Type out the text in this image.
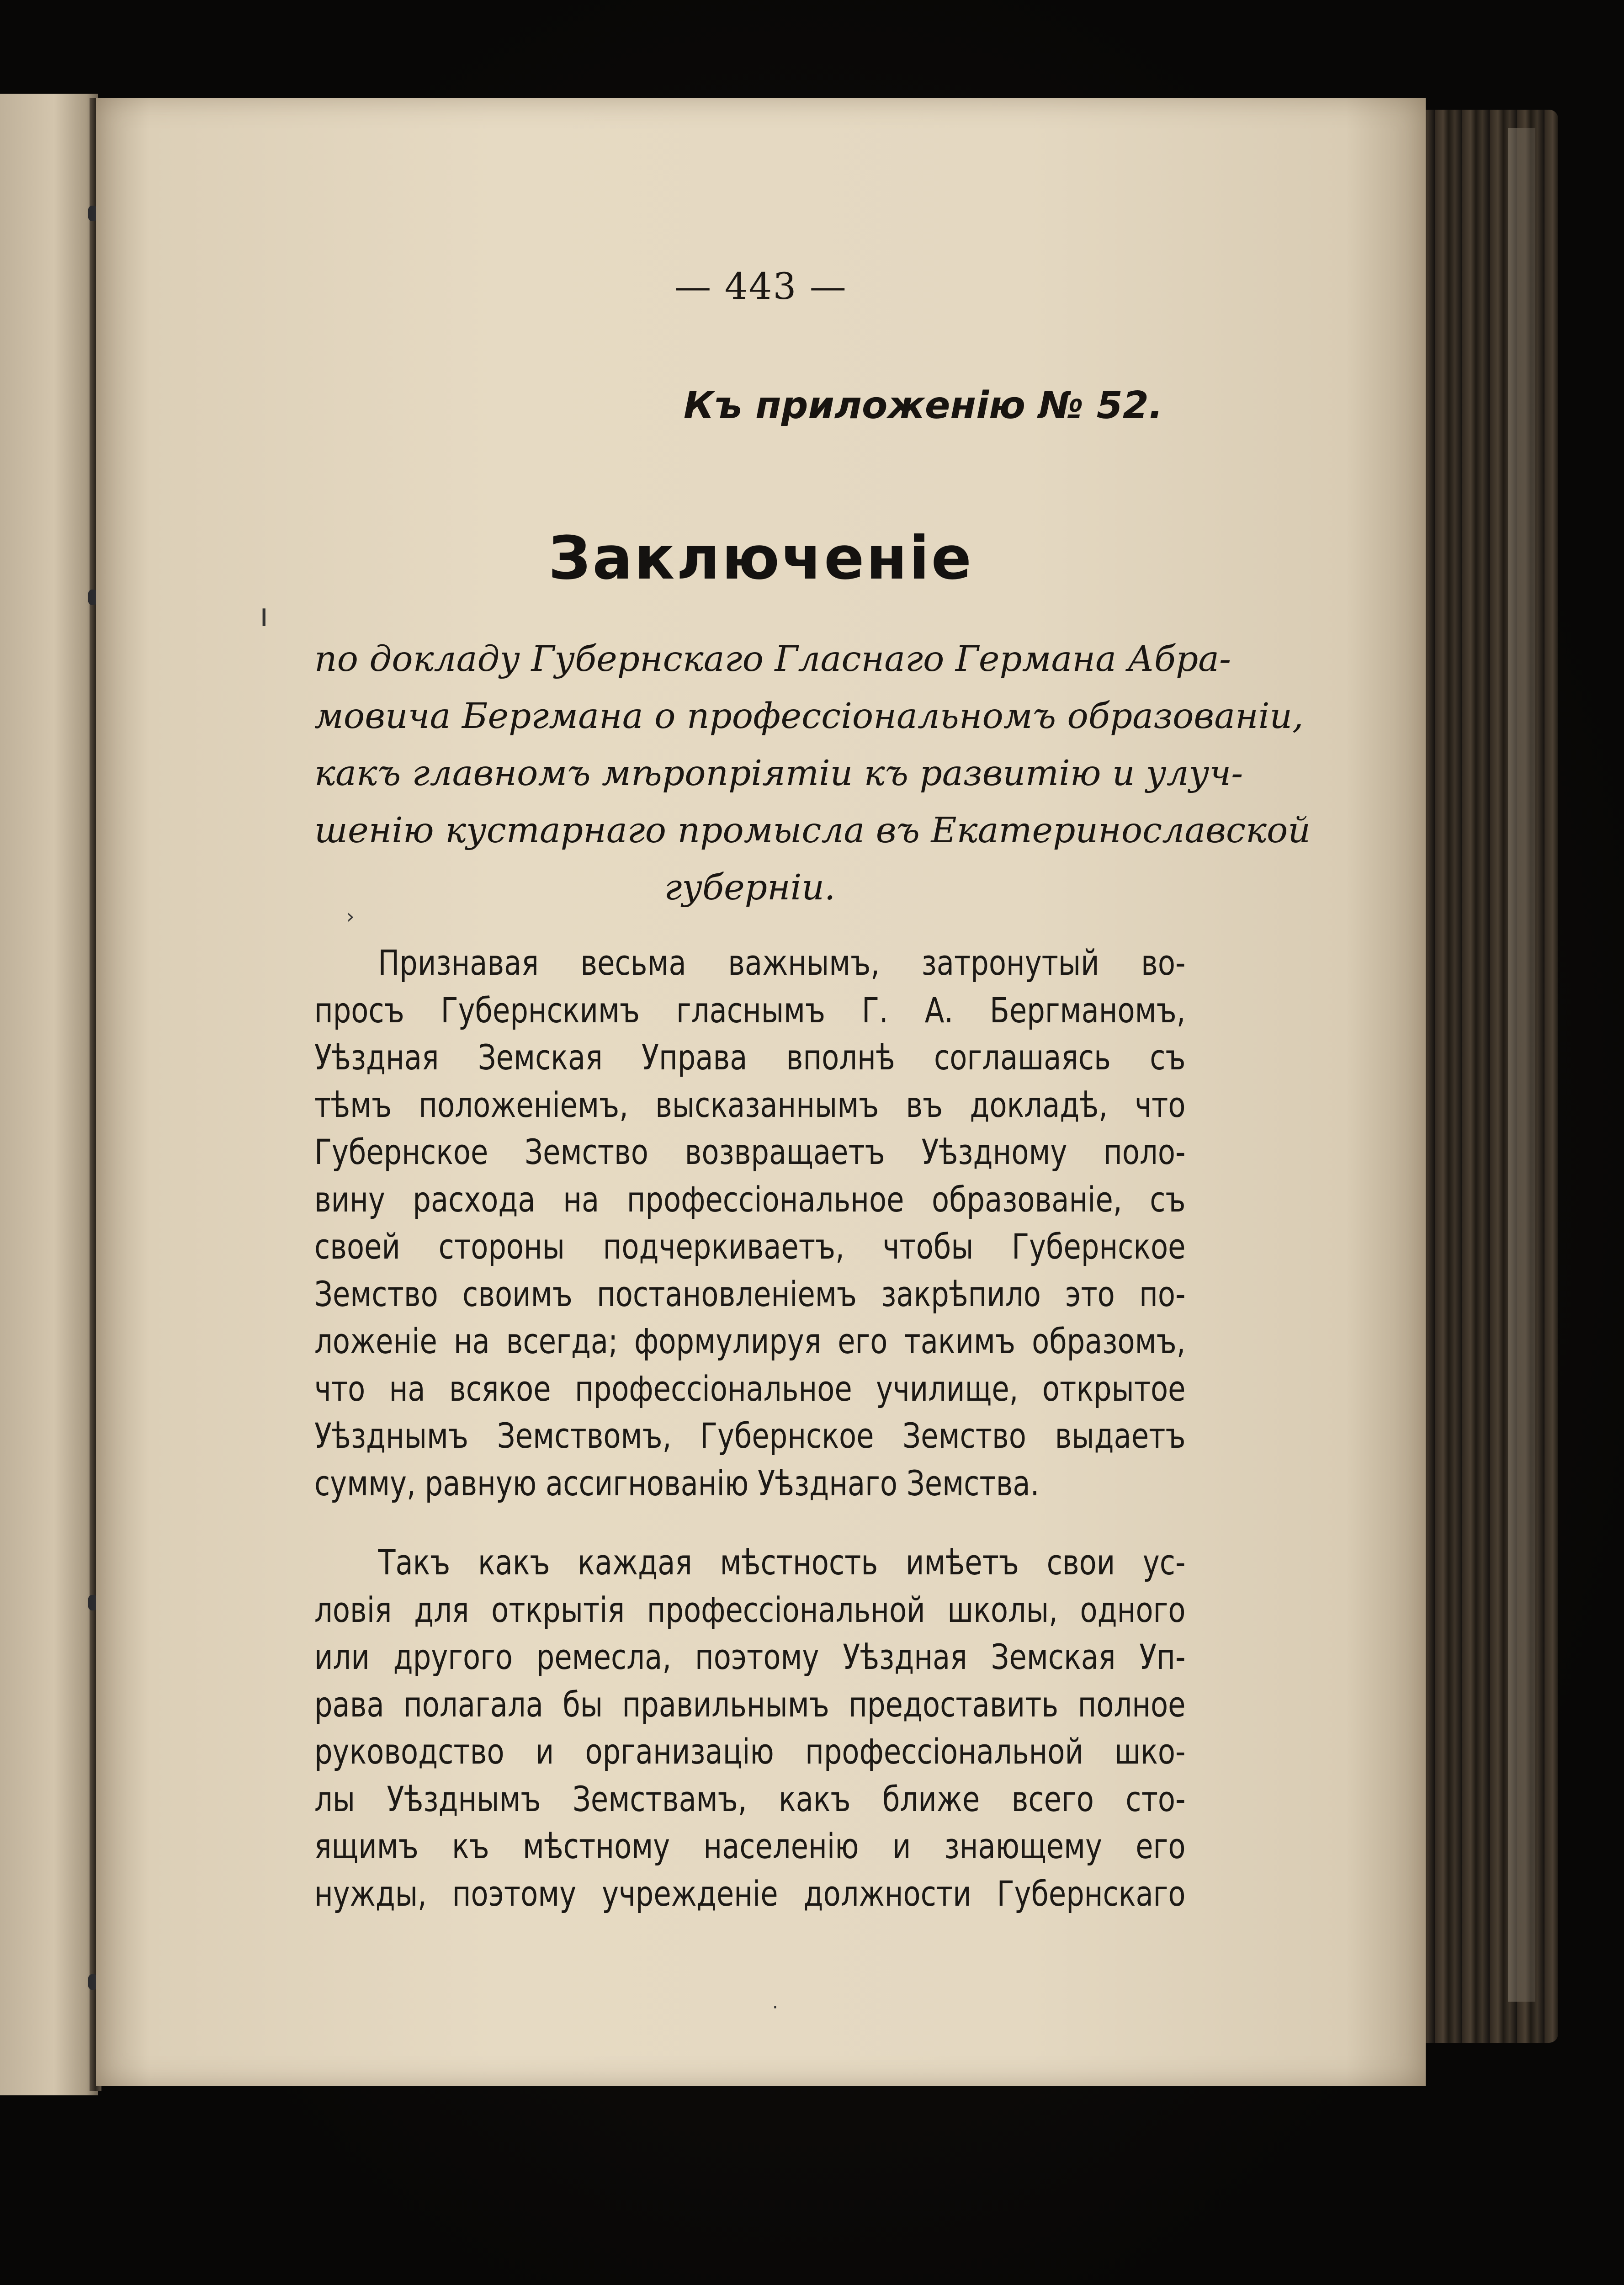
— 443 —
Къ приложенію № 52.
Заключеніе
по докладу Губернскаго Гласнаго Германа Абра-
мовича Бергмана о профессіональномъ образованіи,
какъ главномъ мѣропріятіи къ развитію и улуч-
шенію кустарнаго промысла въ Екатеринославской
губерніи.
ı
›
·

Признавая весьма важнымъ, затронутый во-
просъ Губернскимъ гласнымъ Г. А. Бергманомъ,
Уѣздная Земская Управа вполнѣ соглашаясь съ
тѣмъ положеніемъ, высказаннымъ въ докладѣ, что
Губернское Земство возвращаетъ Уѣздному поло-
вину расхода на профессіональное образованіе, съ
своей стороны подчеркиваетъ, чтобы Губернское
Земство своимъ постановленіемъ закрѣпило это по-
ложеніе на всегда; формулируя его такимъ образомъ,
что на всякое профессіональное училище, открытое
Уѣзднымъ Земствомъ, Губернское Земство выдаетъ
сумму, равную ассигнованію Уѣзднаго Земства.

Такъ какъ каждая мѣстность имѣетъ свои ус-
ловія для открытія профессіональной школы, одного
или другого ремесла, поэтому Уѣздная Земская Уп-
рава полагала бы правильнымъ предоставить полное
руководство и организацію профессіональной шко-
лы Уѣзднымъ Земствамъ, какъ ближе всего сто-
ящимъ къ мѣстному населенію и знающему его
нужды, поэтому учрежденіе должности Губернскаго
